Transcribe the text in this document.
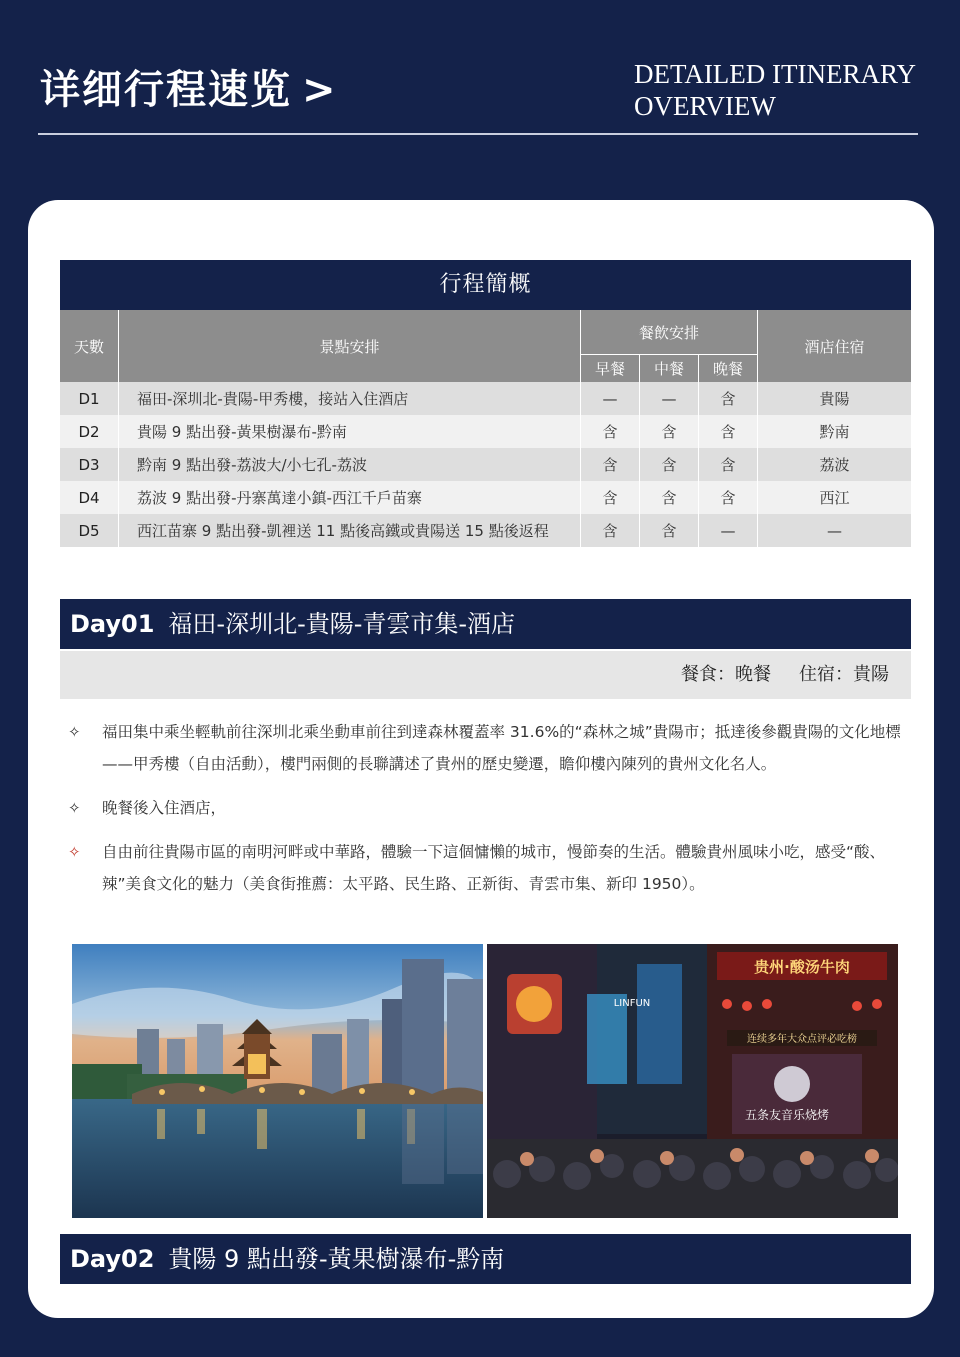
详细行程速览 >	DETAILED ITINERARY
OVERVIEW
行程簡概
天數	景點安排
餐飲安排
早餐	中餐	晚餐
酒店住宿
D1	福田-深圳北-貴陽-甲秀樓，接站入住酒店	—	—	含	貴陽
D2	貴陽 9 點出發-黃果樹瀑布-黔南	含	含	含	黔南
D3	黔南 9 點出發-荔波大/小七孔-荔波	含	含	含	荔波
D4	荔波 9 點出發-丹寨萬達小鎮-西江千戶苗寨	含	含	含	西江
D5	西江苗寨 9 點出發-凱裡送 11 點後高鐵或貴陽送 15 點後返程	含	含	—	—
Day01 福田-深圳北-貴陽-青雲市集-酒店
餐食：晚餐 住宿：貴陽
✧ 福田集中乘坐輕軌前往深圳北乘坐動車前往到達森林覆蓋率 31.6%的“森林之城”貴陽市；抵達後參觀貴陽的文化地標——甲秀樓（自由活動），樓門兩側的長聯講述了貴州的歷史變遷，瞻仰樓內陳列的貴州文化名人。
✧ 晚餐後入住酒店，
✧ 自由前往貴陽市區的南明河畔或中華路，體驗一下這個慵懶的城市，慢節奏的生活。體驗貴州風味小吃，感受“酸、辣”美食文化的魅力（美食街推薦：太平路、民生路、正新街、青雲市集、新印 1950）。
贵州·酸汤牛肉
连续多年大众点评必吃榜
五条友音乐烧烤
LINFUN
Day02 貴陽 9 點出發-黃果樹瀑布-黔南
